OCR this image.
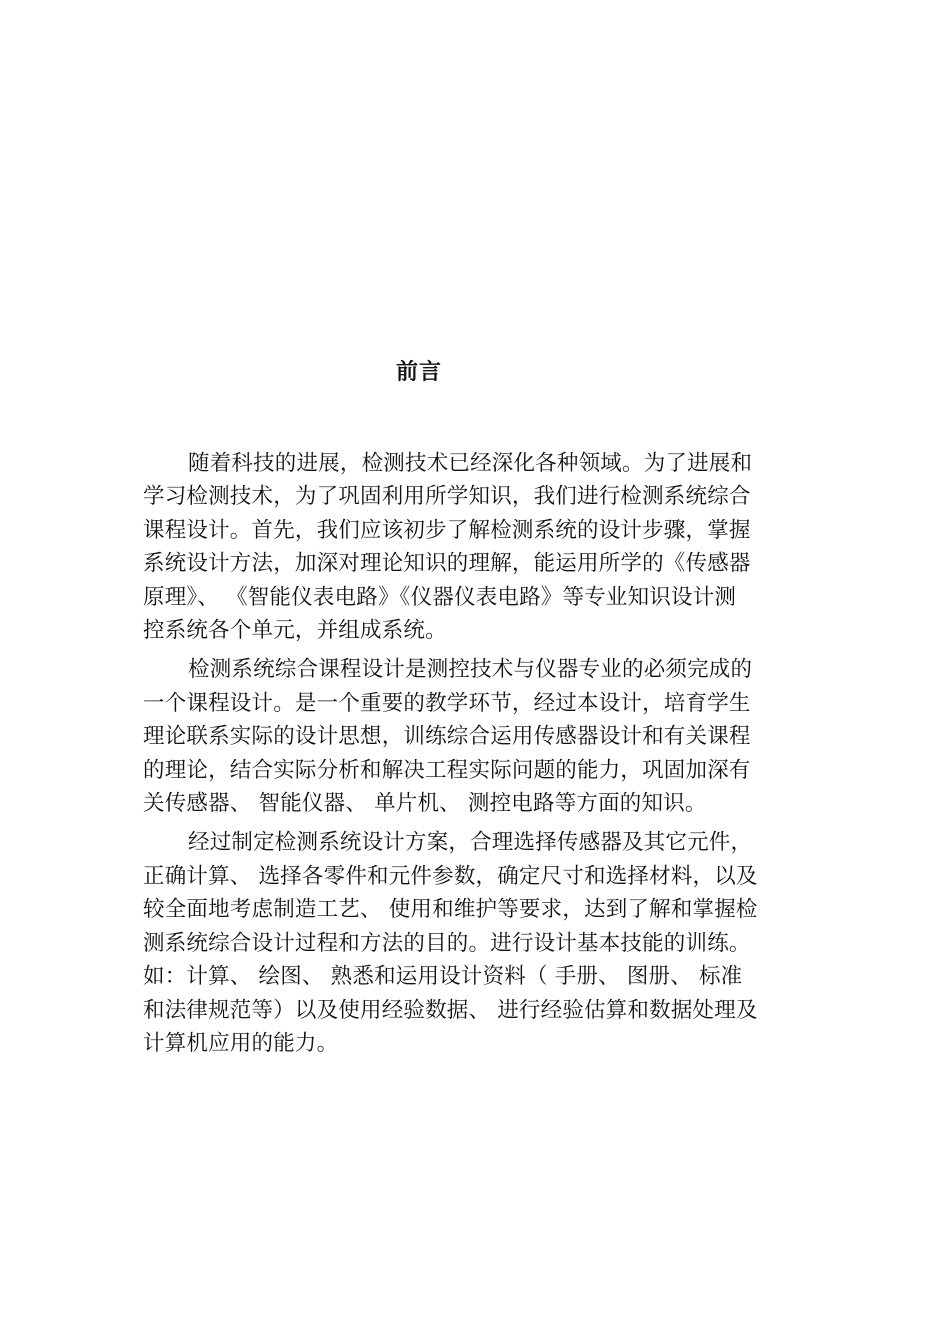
前言

随着科技的进展，检测技术已经深化各种领域。为了进展和
学习检测技术，为了巩固利用所学知识，我们进行检测系统综合
课程设计。首先，我们应该初步了解检测系统的设计步骤，掌握
系统设计方法，加深对理论知识的理解，能运用所学的《传感器
原理》、 《智能仪表电路》《仪器仪表电路》等专业知识设计测
控系统各个单元，并组成系统。

检测系统综合课程设计是测控技术与仪器专业的必须完成的
一个课程设计。是一个重要的教学环节，经过本设计，培育学生
理论联系实际的设计思想，训练综合运用传感器设计和有关课程
的理论，结合实际分析和解决工程实际问题的能力，巩固加深有
关传感器、 智能仪器、 单片机、 测控电路等方面的知识。

经过制定检测系统设计方案，合理选择传感器及其它元件，
正确计算、 选择各零件和元件参数，确定尺寸和选择材料，以及
较全面地考虑制造工艺、 使用和维护等要求，达到了解和掌握检
测系统综合设计过程和方法的目的。进行设计基本技能的训练。
如：计算、 绘图、 熟悉和运用设计资料（ 手册、 图册、 标准
和法律规范等）以及使用经验数据、 进行经验估算和数据处理及
计算机应用的能力。
